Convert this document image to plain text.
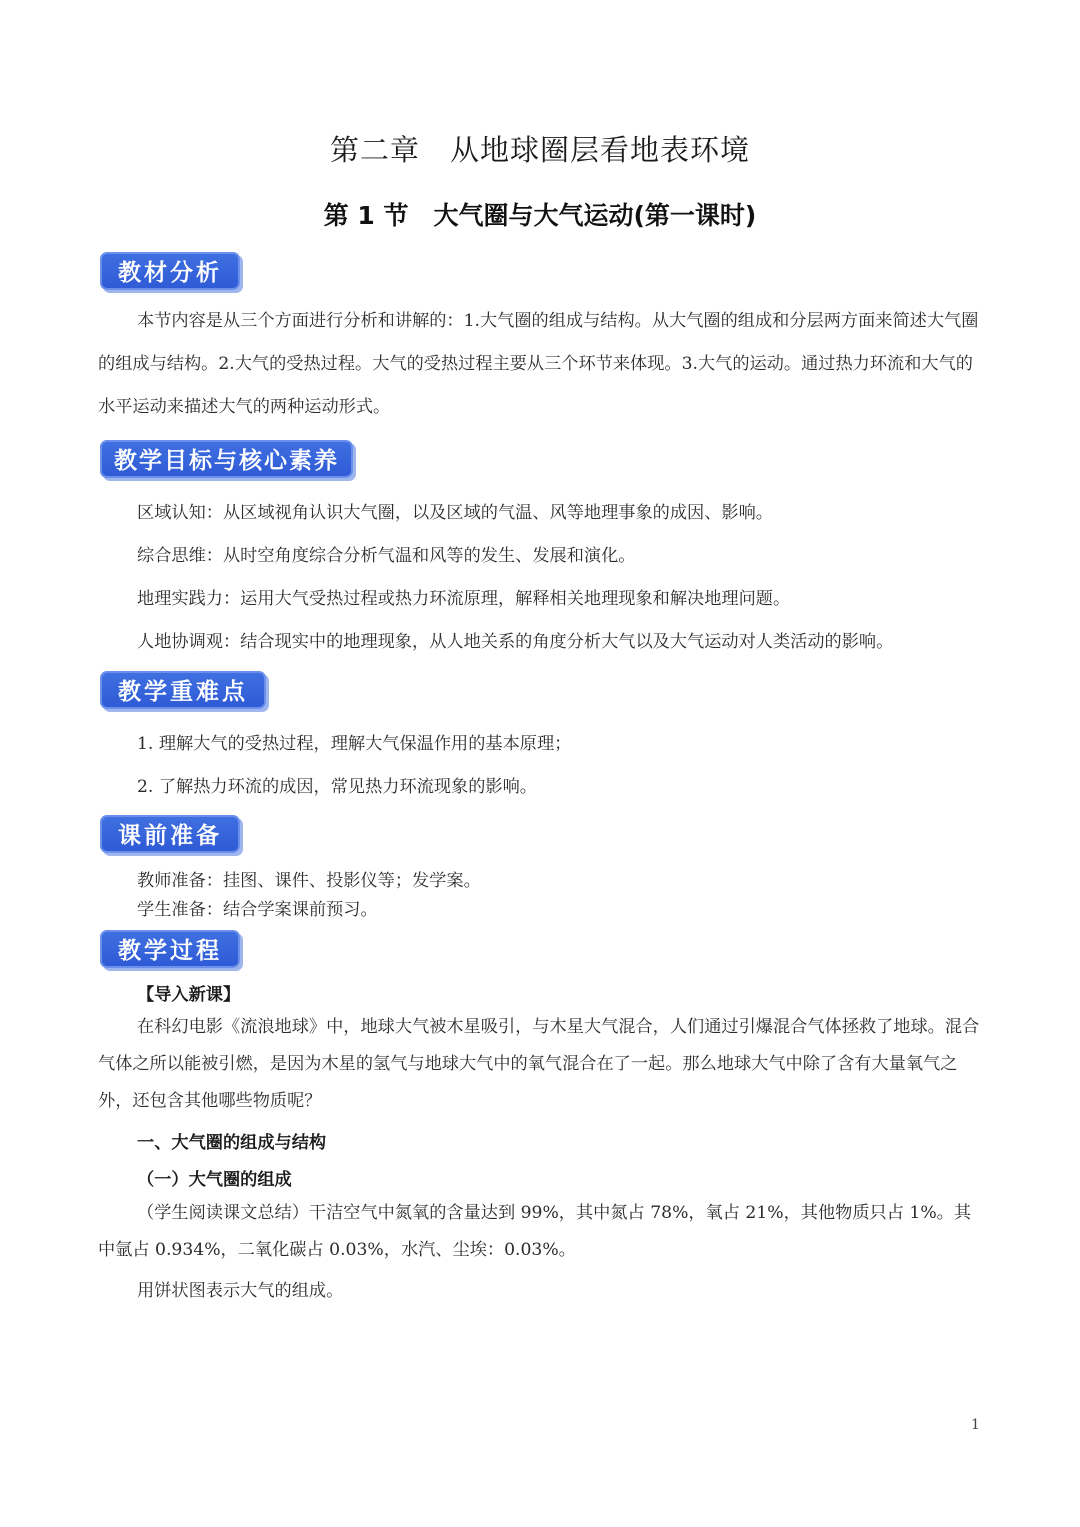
第二章　从地球圈层看地表环境
第 1 节　大气圈与大气运动(第一课时)
教材分析
本节内容是从三个方面进行分析和讲解的：1.大气圈的组成与结构。从大气圈的组成和分层两方面来简述大气圈的组成与结构。2.大气的受热过程。大气的受热过程主要从三个环节来体现。3.大气的运动。通过热力环流和大气的水平运动来描述大气的两种运动形式。
教学目标与核心素养
区域认知：从区域视角认识大气圈，以及区域的气温、风等地理事象的成因、影响。
综合思维：从时空角度综合分析气温和风等的发生、发展和演化。
地理实践力：运用大气受热过程或热力环流原理，解释相关地理现象和解决地理问题。
人地协调观：结合现实中的地理现象，从人地关系的角度分析大气以及大气运动对人类活动的影响。
教学重难点
1. 理解大气的受热过程，理解大气保温作用的基本原理；
2. 了解热力环流的成因，常见热力环流现象的影响。
课前准备
教师准备：挂图、课件、投影仪等；发学案。
学生准备：结合学案课前预习。
教学过程
【导入新课】
在科幻电影《流浪地球》中，地球大气被木星吸引，与木星大气混合，人们通过引爆混合气体拯救了地球。混合气体之所以能被引燃，是因为木星的氢气与地球大气中的氧气混合在了一起。那么地球大气中除了含有大量氧气之外，还包含其他哪些物质呢？
一、大气圈的组成与结构
（一）大气圈的组成
（学生阅读课文总结）干洁空气中氮氧的含量达到 99%，其中氮占 78%，氧占 21%，其他物质只占 1%。其中氩占 0.934%，二氧化碳占 0.03%，水汽、尘埃：0.03%。
用饼状图表示大气的组成。
1
